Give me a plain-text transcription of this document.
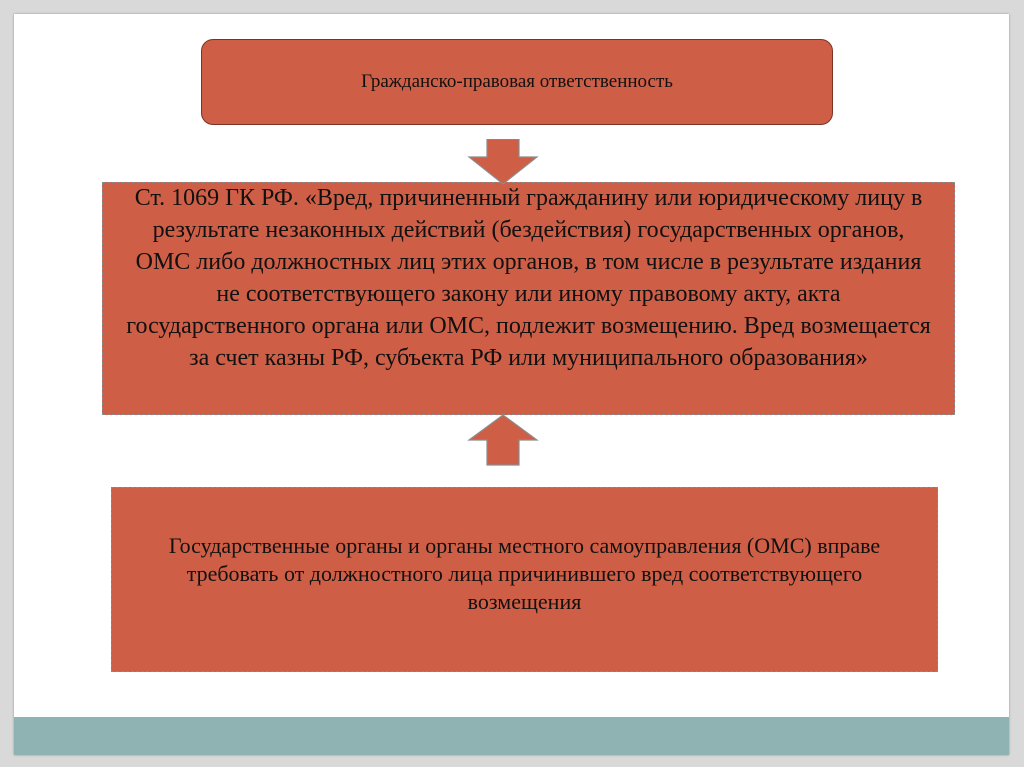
Гражданско-правовая ответственность
Ст. 1069 ГК РФ. «Вред, причиненный гражданину или юридическому лицу в результате незаконных действий (бездействия) государственных органов, ОМС либо должностных лиц этих органов, в том числе в результате издания не соответствующего закону или иному правовому акту, акта государственного органа или ОМС, подлежит возмещению. Вред возмещается за счет казны РФ, субъекта РФ или муниципального образования»
Государственные органы и органы местного самоуправления (ОМС) вправе требовать от должностного лица причинившего вред соответствующего возмещения
